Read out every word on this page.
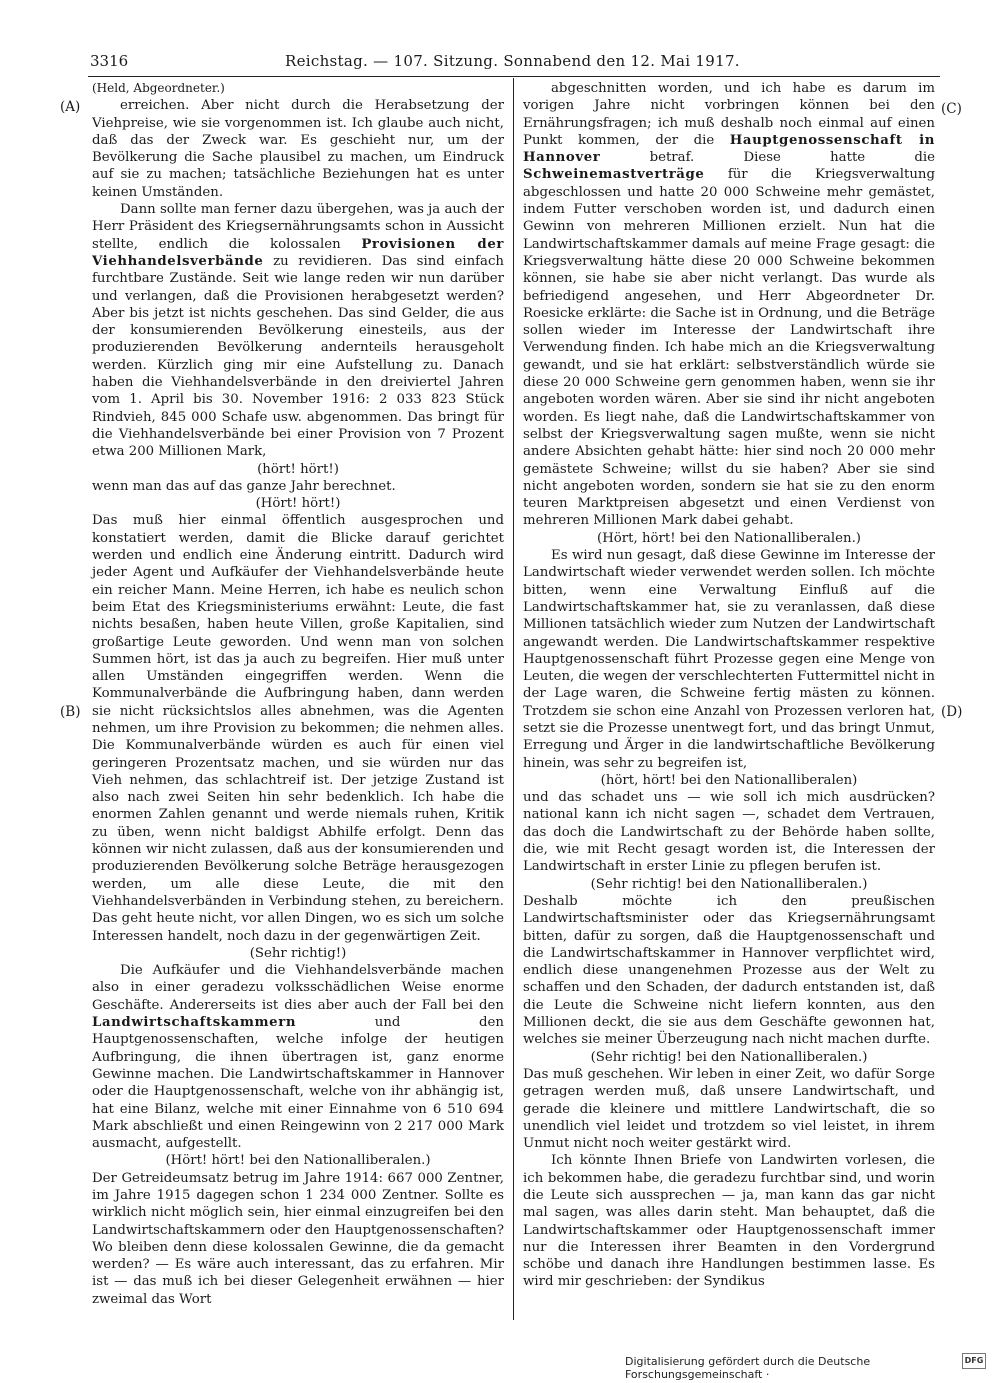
3316	Reichstag. — 107. Sitzung. Sonnabend den 12. Mai 1917.
(A)
(B)
(C)
(D)

(Held, Abgeordneter.)

erreichen. Aber nicht durch die Herabsetzung der Viehpreise, wie sie vorgenommen ist. Ich glaube auch nicht, daß das der Zweck war. Es geschieht nur, um der Bevölkerung die Sache plausibel zu machen, um Eindruck auf sie zu machen; tatsächliche Beziehungen hat es unter keinen Umständen.

Dann sollte man ferner dazu übergehen, was ja auch der Herr Präsident des Kriegsernährungsamts schon in Aussicht stellte, endlich die kolossalen Provisionen der Viehhandelsverbände zu revidieren. Das sind einfach furchtbare Zustände. Seit wie lange reden wir nun darüber und verlangen, daß die Provisionen herabgesetzt werden? Aber bis jetzt ist nichts geschehen. Das sind Gelder, die aus der konsumierenden Bevölkerung einesteils, aus der produzierenden Bevölkerung andernteils herausgeholt werden. Kürzlich ging mir eine Aufstellung zu. Danach haben die Viehhandelsverbände in den dreiviertel Jahren vom 1. April bis 30. November 1916: 2 033 823 Stück Rindvieh, 845 000 Schafe usw. abgenommen. Das bringt für die Viehhandelsverbände bei einer Provision von 7 Prozent etwa 200 Millionen Mark,

(hört! hört!)

wenn man das auf das ganze Jahr berechnet.

(Hört! hört!)

Das muß hier einmal öffentlich ausgesprochen und konstatiert werden, damit die Blicke darauf gerichtet werden und endlich eine Änderung eintritt. Dadurch wird jeder Agent und Aufkäufer der Viehhandelsverbände heute ein reicher Mann. Meine Herren, ich habe es neulich schon beim Etat des Kriegsministeriums erwähnt: Leute, die fast nichts besaßen, haben heute Villen, große Kapitalien, sind großartige Leute geworden. Und wenn man von solchen Summen hört, ist das ja auch zu begreifen. Hier muß unter allen Umständen eingegriffen werden. Wenn die Kommunalverbände die Aufbringung haben, dann werden sie nicht rücksichtslos alles abnehmen, was die Agenten nehmen, um ihre Provision zu bekommen; die nehmen alles. Die Kommunalverbände würden es auch für einen viel geringeren Prozentsatz machen, und sie würden nur das Vieh nehmen, das schlachtreif ist. Der jetzige Zustand ist also nach zwei Seiten hin sehr bedenklich. Ich habe die enormen Zahlen genannt und werde niemals ruhen, Kritik zu üben, wenn nicht baldigst Abhilfe erfolgt. Denn das können wir nicht zulassen, daß aus der konsumierenden und produzierenden Bevölkerung solche Beträge herausgezogen werden, um alle diese Leute, die mit den Viehhandelsverbänden in Verbindung stehen, zu bereichern. Das geht heute nicht, vor allen Dingen, wo es sich um solche Interessen handelt, noch dazu in der gegenwärtigen Zeit.

(Sehr richtig!)

Die Aufkäufer und die Viehhandelsverbände machen also in einer geradezu volksschädlichen Weise enorme Geschäfte. Andererseits ist dies aber auch der Fall bei den Landwirtschaftskammern und den Hauptgenossenschaften, welche infolge der heutigen Aufbringung, die ihnen übertragen ist, ganz enorme Gewinne machen. Die Landwirtschaftskammer in Hannover oder die Hauptgenossenschaft, welche von ihr abhängig ist, hat eine Bilanz, welche mit einer Einnahme von 6 510 694 Mark abschließt und einen Reingewinn von 2 217 000 Mark ausmacht, aufgestellt.

(Hört! hört! bei den Nationalliberalen.)

Der Getreideumsatz betrug im Jahre 1914: 667 000 Zentner, im Jahre 1915 dagegen schon 1 234 000 Zentner. Sollte es wirklich nicht möglich sein, hier einmal einzugreifen bei den Landwirtschaftskammern oder den Hauptgenossenschaften? Wo bleiben denn diese kolossalen Gewinne, die da gemacht werden? — Es wäre auch interessant, das zu erfahren. Mir ist — das muß ich bei dieser Gelegenheit erwähnen — hier zweimal das Wort

abgeschnitten worden, und ich habe es darum im vorigen Jahre nicht vorbringen können bei den Ernährungsfragen; ich muß deshalb noch einmal auf einen Punkt kommen, der die Hauptgenossenschaft in Hannover betraf. Diese hatte die Schweinemastverträge für die Kriegsverwaltung abgeschlossen und hatte 20 000 Schweine mehr gemästet, indem Futter verschoben worden ist, und dadurch einen Gewinn von mehreren Millionen erzielt. Nun hat die Landwirtschaftskammer damals auf meine Frage gesagt: die Kriegsverwaltung hätte diese 20 000 Schweine bekommen können, sie habe sie aber nicht verlangt. Das wurde als befriedigend angesehen, und Herr Abgeordneter Dr. Roesicke erklärte: die Sache ist in Ordnung, und die Beträge sollen wieder im Interesse der Landwirtschaft ihre Verwendung finden. Ich habe mich an die Kriegsverwaltung gewandt, und sie hat erklärt: selbstverständlich würde sie diese 20 000 Schweine gern genommen haben, wenn sie ihr angeboten worden wären. Aber sie sind ihr nicht angeboten worden. Es liegt nahe, daß die Landwirtschaftskammer von selbst der Kriegsverwaltung sagen mußte, wenn sie nicht andere Absichten gehabt hätte: hier sind noch 20 000 mehr gemästete Schweine; willst du sie haben? Aber sie sind nicht angeboten worden, sondern sie hat sie zu den enorm teuren Marktpreisen abgesetzt und einen Verdienst von mehreren Millionen Mark dabei gehabt.

(Hört, hört! bei den Nationalliberalen.)

Es wird nun gesagt, daß diese Gewinne im Interesse der Landwirtschaft wieder verwendet werden sollen. Ich möchte bitten, wenn eine Verwaltung Einfluß auf die Landwirtschaftskammer hat, sie zu veranlassen, daß diese Millionen tatsächlich wieder zum Nutzen der Landwirtschaft angewandt werden. Die Landwirtschaftskammer respektive Hauptgenossenschaft führt Prozesse gegen eine Menge von Leuten, die wegen der verschlechterten Futtermittel nicht in der Lage waren, die Schweine fertig mästen zu können. Trotzdem sie schon eine Anzahl von Prozessen verloren hat, setzt sie die Prozesse unentwegt fort, und das bringt Unmut, Erregung und Ärger in die landwirtschaftliche Bevölkerung hinein, was sehr zu begreifen ist,

(hört, hört! bei den Nationalliberalen)

und das schadet uns — wie soll ich mich ausdrücken? national kann ich nicht sagen —, schadet dem Vertrauen, das doch die Landwirtschaft zu der Behörde haben sollte, die, wie mit Recht gesagt worden ist, die Interessen der Landwirtschaft in erster Linie zu pflegen berufen ist.

(Sehr richtig! bei den Nationalliberalen.)

Deshalb möchte ich den preußischen Landwirtschaftsminister oder das Kriegsernährungsamt bitten, dafür zu sorgen, daß die Hauptgenossenschaft und die Landwirtschaftskammer in Hannover verpflichtet wird, endlich diese unangenehmen Prozesse aus der Welt zu schaffen und den Schaden, der dadurch entstanden ist, daß die Leute die Schweine nicht liefern konnten, aus den Millionen deckt, die sie aus dem Geschäfte gewonnen hat, welches sie meiner Überzeugung nach nicht machen durfte.

(Sehr richtig! bei den Nationalliberalen.)

Das muß geschehen. Wir leben in einer Zeit, wo dafür Sorge getragen werden muß, daß unsere Landwirtschaft, und gerade die kleinere und mittlere Landwirtschaft, die so unendlich viel leidet und trotzdem so viel leistet, in ihrem Unmut nicht noch weiter gestärkt wird.

Ich könnte Ihnen Briefe von Landwirten vorlesen, die ich bekommen habe, die geradezu furchtbar sind, und worin die Leute sich aussprechen — ja, man kann das gar nicht mal sagen, was alles darin steht. Man behauptet, daß die Landwirtschaftskammer oder Hauptgenossenschaft immer nur die Interessen ihrer Beamten in den Vordergrund schöbe und danach ihre Handlungen bestimmen lasse. Es wird mir geschrieben: der Syndikus

Digitalisierung gefördert durch die Deutsche Forschungsgemeinschaft ·
DFG
